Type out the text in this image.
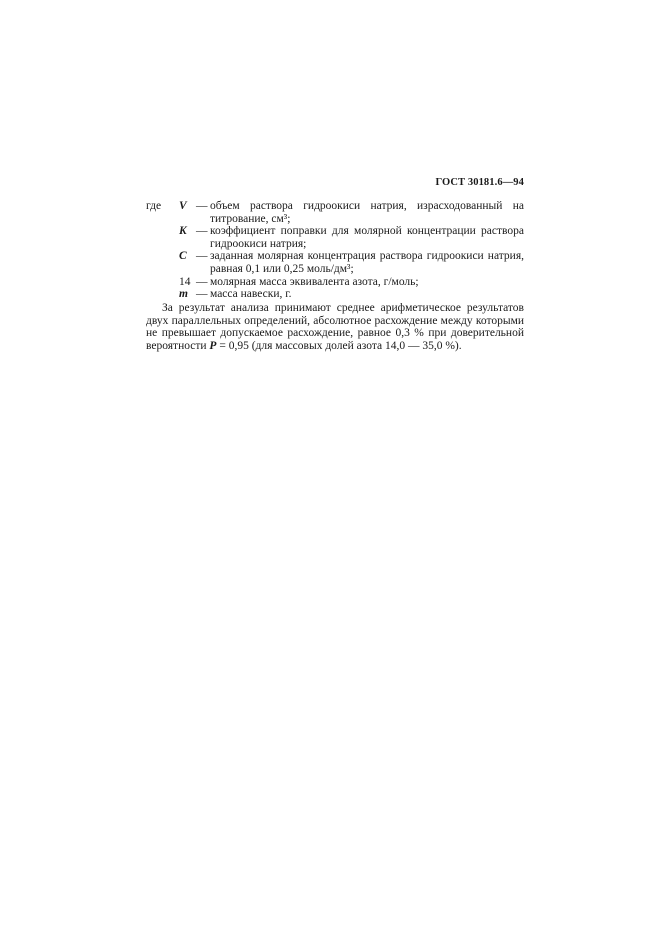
ГОСТ 30181.6—94
где	V — объем раствора гидроокиси натрия, израсходованный на титрование, см³;
K — коэффициент поправки для молярной концентрации раствора гидроокиси натрия;
C — заданная молярная концентрация раствора гидроокиси натрия, равная 0,1 или 0,25 моль/дм³;
14 — молярная масса эквивалента азота, г/моль;
m — масса навески, г.

За результат анализа принимают среднее арифметическое результатов двух параллельных определений, абсолютное расхождение между которыми не превышает допускаемое расхождение, равное 0,3 % при доверительной вероятности P = 0,95 (для массовых долей азота 14,0 — 35,0 %).
